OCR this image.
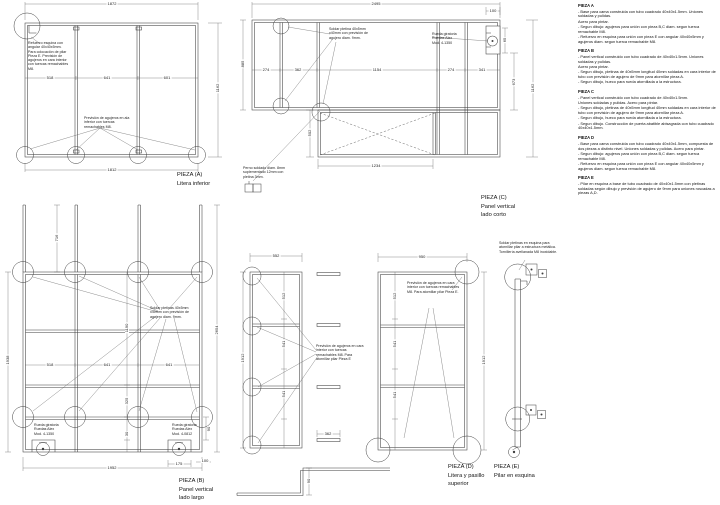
1872
1162
1812
518	641	601
2495
100
885
274	362	1154	274	341
1162
673
65
502
1234
716
1938
2654
1190
325
30
518	641	641
1952
175
100
90
552
1912
512
541
541
362
90
950
1912
512
541
541
Refuerzo esquina con angular 40x40x5mm. Para colocación de pilar Pieza E. Previsión de agujeros en cara interior con tuercas remachables M8.
Previsión de agujeros en ala inferior con tuercas remachables M8.
Soldar pletina 40x5mm x40mm con previsión de agujero diam. 9mm.
Rueda giratoria Ruedas Alex Mod. 4-1350
Perno soldado diam. 8mm suplementado 12mm con pletina 3mm.
Soldar pletinas 40x5mm x40mm con previsión de agujero diam. 9mm.
Rueda giratoria Ruedas Alex Mod. 4-1350
Rueda giratoria Ruedas Alex Mod. 4-0812
Previsión de agujeros en cara interior con tuercas remachables M8. Para atornillar pilar Pieza E
Previsión de agujeros en cara interior con tuercas remachables M8. Para atornillar pilar Pieza E.
Soldar pletinas en esquina para atornillar pilar a estructura metálica. Tornillería avellanada M8 inoxidable.
PIEZA (A)
Litera inferior
PIEZA (B)
Panel vertical
lado largo
PIEZA (C)
Panel vertical
lado corto
PIEZA (D)
Litera y pasillo
superior
PIEZA (E)
Pilar en esquina
PIEZA A
- Base para cama construida con tubo cuadrado 40x40x1.5mm. Uniones soldadas y pulidas.
Acero para pintar.
- Segun dibujo: agujeros para unión con pieza B,C diam. segun tuerca remachable M8.
- Refuerzo en esquina para unión con pieza E con angular 40x40x5mm y agujeros diam. segun tuerca remachable M8.
PIEZA B
- Panel vertical construido con tubo cuadrado de 40x40x1.5mm. Uniones soldadas y pulidas.
Acero para pintar.
- Segun dibujo, pletinas de 40x5mm longitud 40mm soldadas en cara interior de tubo con previsión de agujero de 9mm para atornillar pieza A.
- Segun dibujo, hueco para rueda atornillada a la estructura.
PIEZA C
- Panel vertical construido con tubo cuadrado de 40x40x1.5mm.
Uniones soldadas y pulidas. Acero para pintar.
- Segun dibujo, pletinas de 40x5mm longitud 40mm soldadas en cara interior de tubo con previsión de agujero de 9mm para atornillar pieza A.
- Segun dibujo, hueco para rueda atornillada a la estructura.
- Segun dibujo. Construcción de puerta abatible abisagrada con tubo cuadrado 40x40x1.5mm.
PIEZA D
- Base para cama construida con tubo cuadrado 40x40x1.5mm, compuesta de dos piezas a distinto nivel. Uniones soldadas y pulidas. Acero para pintar.
- Segun dibujo: agujeros para unión con pieza B,C diam. segun tuerca remachable M8.
- Refuerzo en esquina para unión con pieza E con angular 40x40x5mm y agujeros diam. segun tuerca remachable M8.
PIEZA E
- Pilar en esquina a base de tubo cuadrado de 40x40x1.5mm con pletinas soldadas según dibujo y previsión de agujero de 9mm para uniones roscadas a piezas A,D.
